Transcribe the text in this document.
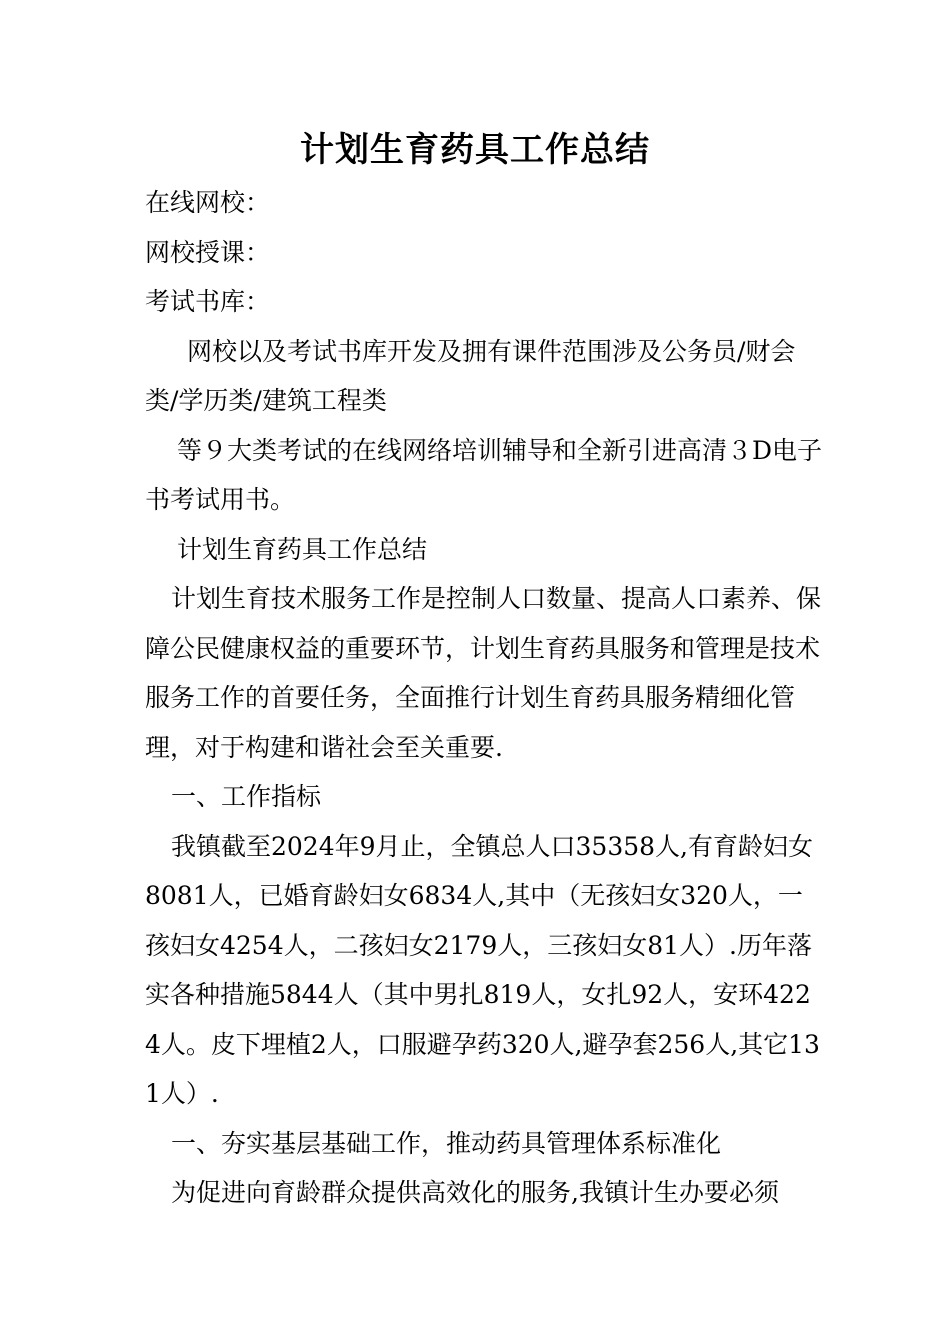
计划生育药具工作总结

在线网校：

网校授课：

考试书库：

网校以及考试书库开发及拥有课件范围涉及公务员/财会类/学历类/建筑工程类

等９大类考试的在线网络培训辅导和全新引进高清３D电子书考试用书。

计划生育药具工作总结

计划生育技术服务工作是控制人口数量、提高人口素养、保障公民健康权益的重要环节，计划生育药具服务和管理是技术服务工作的首要任务，全面推行计划生育药具服务精细化管理，对于构建和谐社会至关重要.

一、工作指标

我镇截至2024年9月止，全镇总人口35358人,有育龄妇女8081人，已婚育龄妇女6834人,其中（无孩妇女320人，一孩妇女4254人，二孩妇女2179人，三孩妇女81人）.历年落实各种措施5844人（其中男扎819人，女扎92人，安环4224人。皮下埋植2人，口服避孕药320人,避孕套256人,其它131人）.

一、夯实基层基础工作，推动药具管理体系标准化

为促进向育龄群众提供高效化的服务,我镇计生办要必须
